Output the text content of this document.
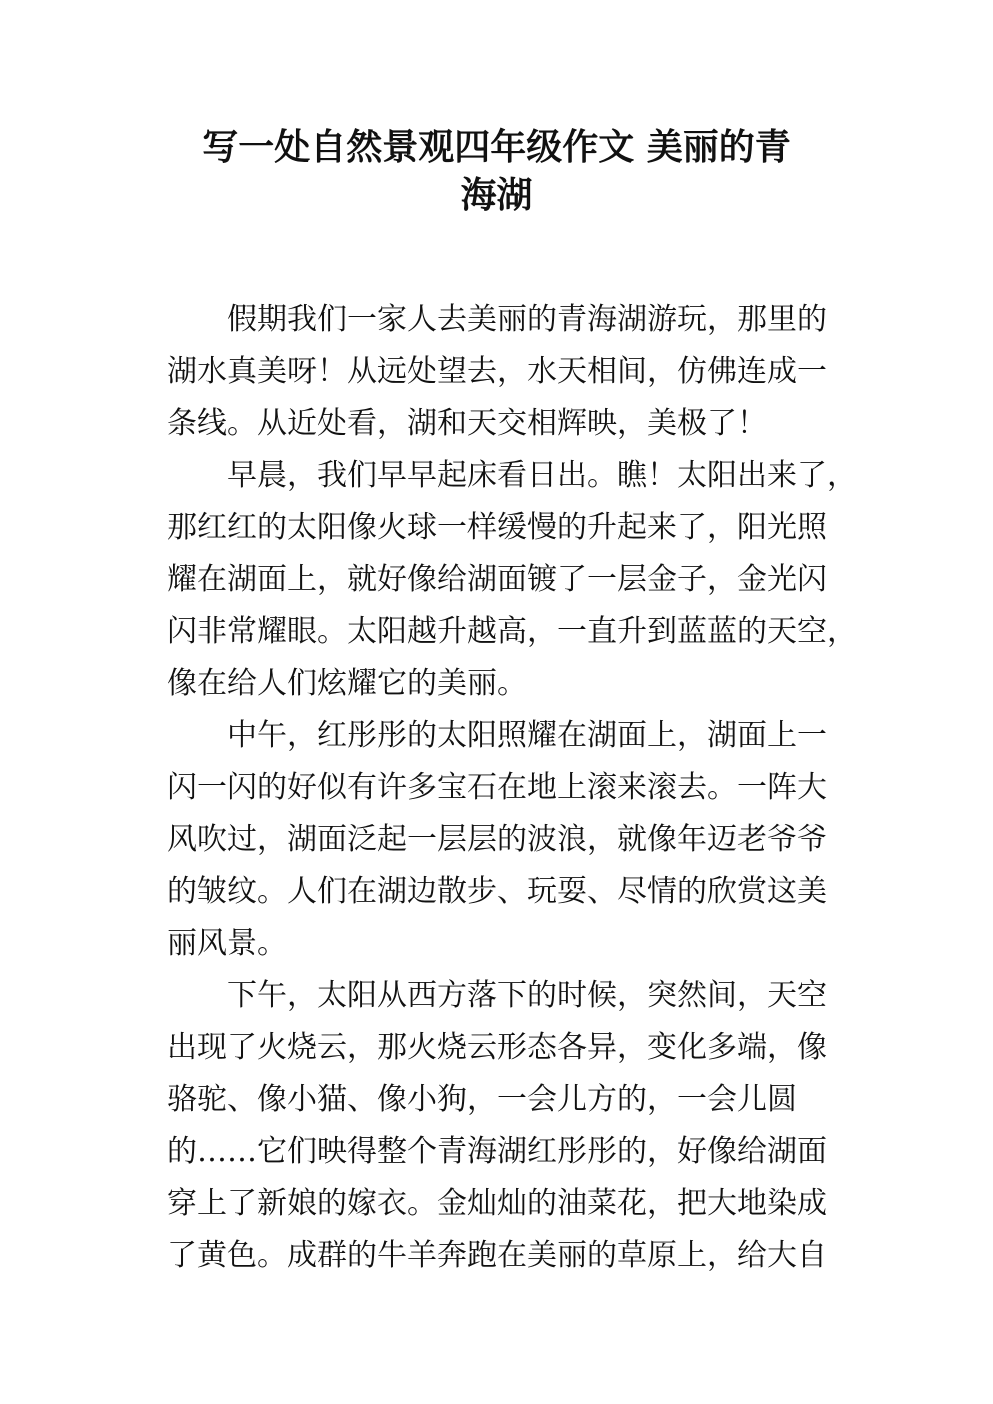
写一处自然景观四年级作文 美丽的青
海湖
假期我们一家人去美丽的青海湖游玩，那里的
湖水真美呀！从远处望去，水天相间，仿佛连成一
条线。从近处看，湖和天交相辉映，美极了！
早晨，我们早早起床看日出。瞧！太阳出来了，
那红红的太阳像火球一样缓慢的升起来了，阳光照
耀在湖面上，就好像给湖面镀了一层金子，金光闪
闪非常耀眼。太阳越升越高，一直升到蓝蓝的天空，
像在给人们炫耀它的美丽。
中午，红彤彤的太阳照耀在湖面上，湖面上一
闪一闪的好似有许多宝石在地上滚来滚去。一阵大
风吹过，湖面泛起一层层的波浪，就像年迈老爷爷
的皱纹。人们在湖边散步、玩耍、尽情的欣赏这美
丽风景。
下午，太阳从西方落下的时候，突然间，天空
出现了火烧云，那火烧云形态各异，变化多端，像
骆驼、像小猫、像小狗，一会儿方的，一会儿圆
的……它们映得整个青海湖红彤彤的，好像给湖面
穿上了新娘的嫁衣。金灿灿的油菜花，把大地染成
了黄色。成群的牛羊奔跑在美丽的草原上，给大自
